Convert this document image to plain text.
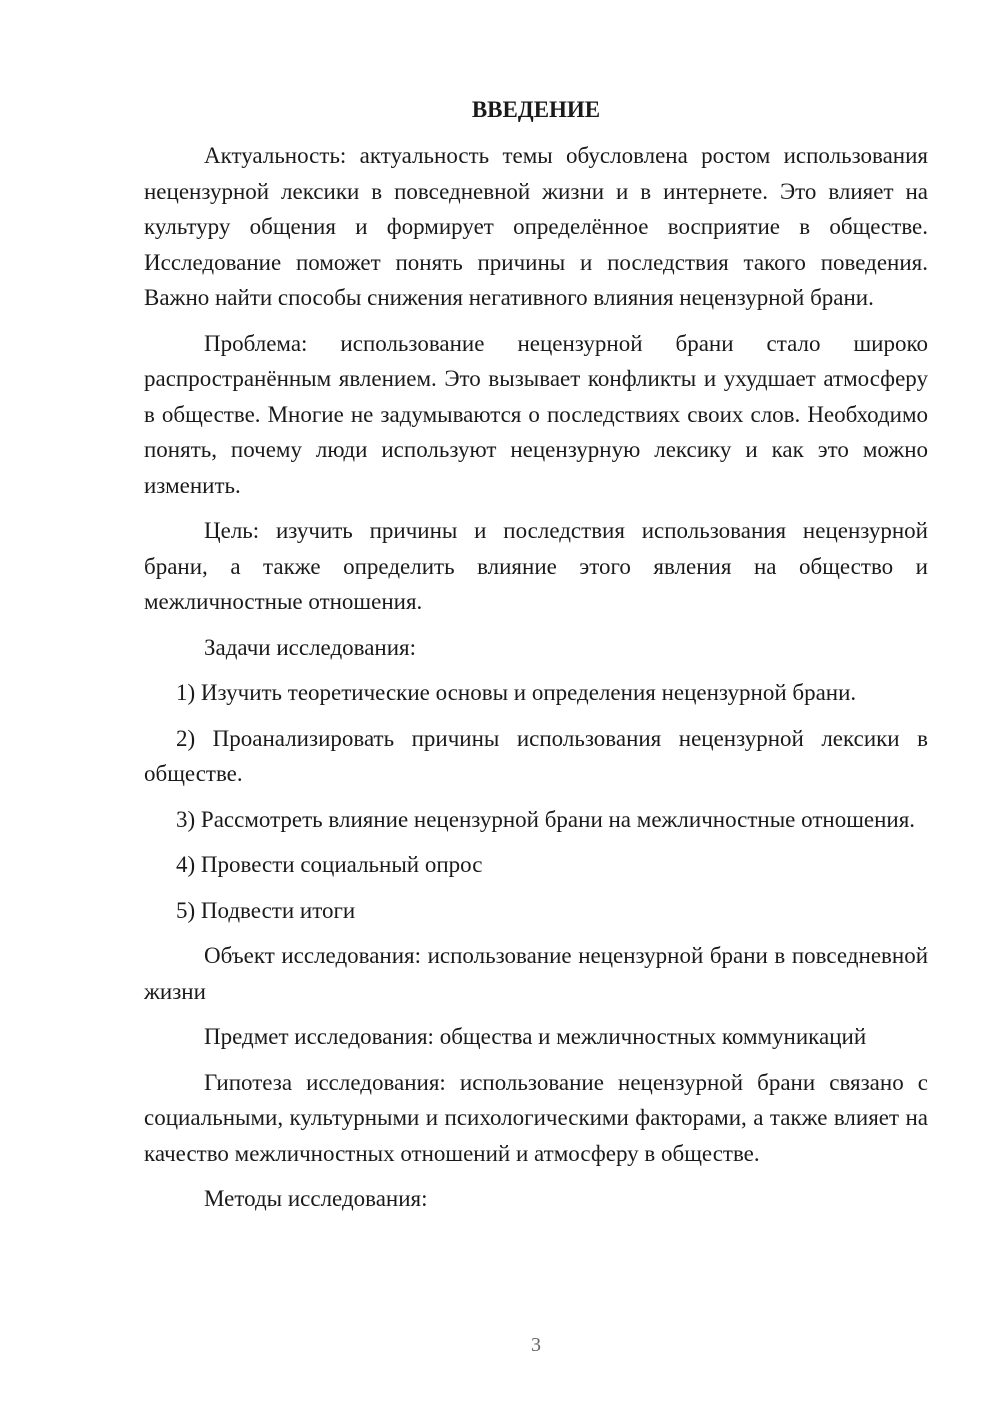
ВВЕДЕНИЕ

Актуальность: актуальность темы обусловлена ростом использования нецензурной лексики в повседневной жизни и в интернете. Это влияет на культуру общения и формирует определённое восприятие в обществе. Исследование поможет понять причины и последствия такого поведения. Важно найти способы снижения негативного влияния нецензурной брани.

Проблема: использование нецензурной брани стало широко распространённым явлением. Это вызывает конфликты и ухудшает атмосферу в обществе. Многие не задумываются о последствиях своих слов. Необходимо понять, почему люди используют нецензурную лексику и как это можно изменить.

Цель: изучить причины и последствия использования нецензурной брани, а также определить влияние этого явления на общество и межличностные отношения.

Задачи исследования:

1) Изучить теоретические основы и определения нецензурной брани.

2) Проанализировать причины использования нецензурной лексики в обществе.

3) Рассмотреть влияние нецензурной брани на межличностные отношения.

4) Провести социальный опрос

5) Подвести итоги

Объект исследования: использование нецензурной брани в повседневной жизни

Предмет исследования: общества и межличностных коммуникаций

Гипотеза исследования: использование нецензурной брани связано с социальными, культурными и психологическими факторами, а также влияет на качество межличностных отношений и атмосферу в обществе.

Методы исследования:

3
